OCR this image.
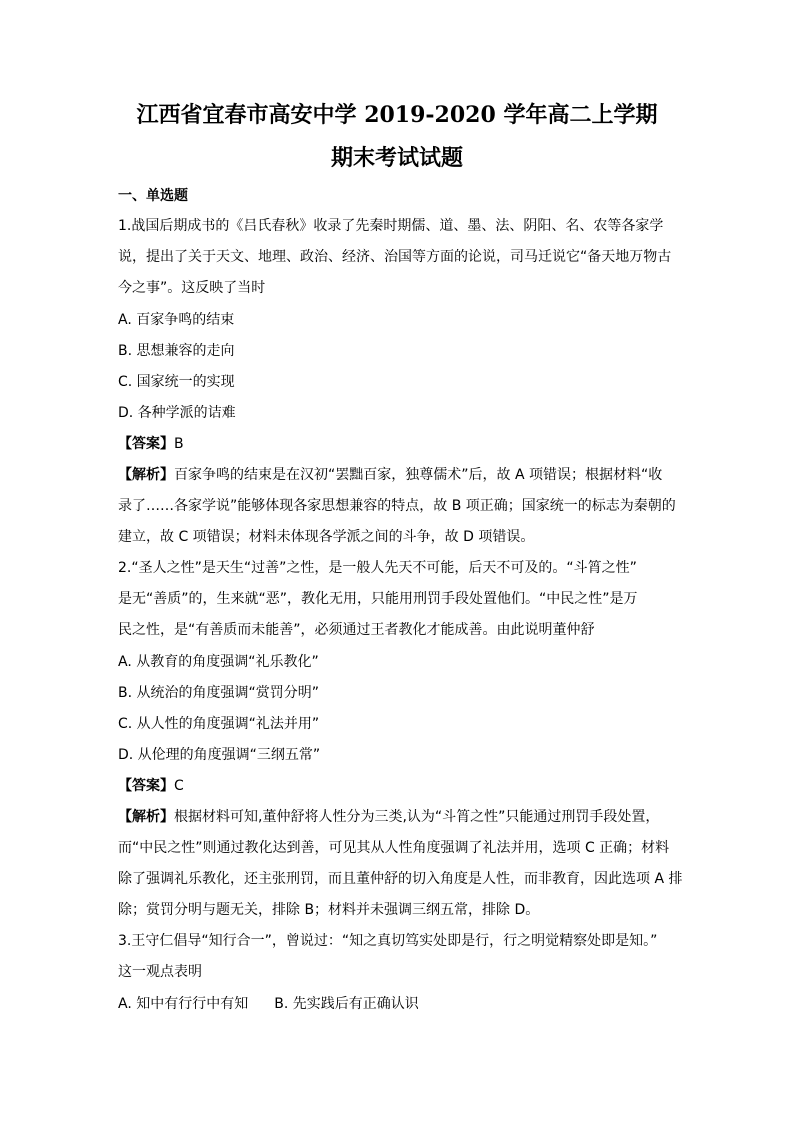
江西省宜春市高安中学 2019-2020 学年高二上学期
期末考试试题
一、单选题
1.战国后期成书的《吕氏春秋》收录了先秦时期儒、道、墨、法、阴阳、名、农等各家学
说，提出了关于天文、地理、政治、经济、治国等方面的论说，司马迁说它“备天地万物古
今之事”。这反映了当时
A. 百家争鸣的结束
B. 思想兼容的走向
C. 国家统一的实现
D. 各种学派的诘难
【答案】B
【解析】百家争鸣的结束是在汉初“罢黜百家，独尊儒术”后，故 A 项错误；根据材料“收
录了……各家学说”能够体现各家思想兼容的特点，故 B 项正确；国家统一的标志为秦朝的
建立，故 C 项错误；材料未体现各学派之间的斗争，故 D 项错误。
2.“圣人之性”是天生“过善”之性，是一般人先天不可能，后天不可及的。“斗筲之性”
是无“善质”的，生来就“恶”，教化无用，只能用刑罚手段处置他们。“中民之性”是万
民之性，是“有善质而未能善”，必须通过王者教化才能成善。由此说明董仲舒
A. 从教育的角度强调“礼乐教化”
B. 从统治的角度强调“赏罚分明”
C. 从人性的角度强调“礼法并用”
D. 从伦理的角度强调“三纲五常”
【答案】C
【解析】根据材料可知,董仲舒将人性分为三类,认为“斗筲之性”只能通过刑罚手段处置，
而“中民之性”则通过教化达到善，可见其从人性角度强调了礼法并用，选项 C 正确；材料
除了强调礼乐教化，还主张刑罚，而且董仲舒的切入角度是人性，而非教育，因此选项 A 排
除；赏罚分明与题无关，排除 B；材料并未强调三纲五常，排除 D。
3.王守仁倡导“知行合一”，曾说过：“知之真切笃实处即是行，行之明觉精察处即是知。”
这一观点表明
A. 知中有行行中有知 B. 先实践后有正确认识
